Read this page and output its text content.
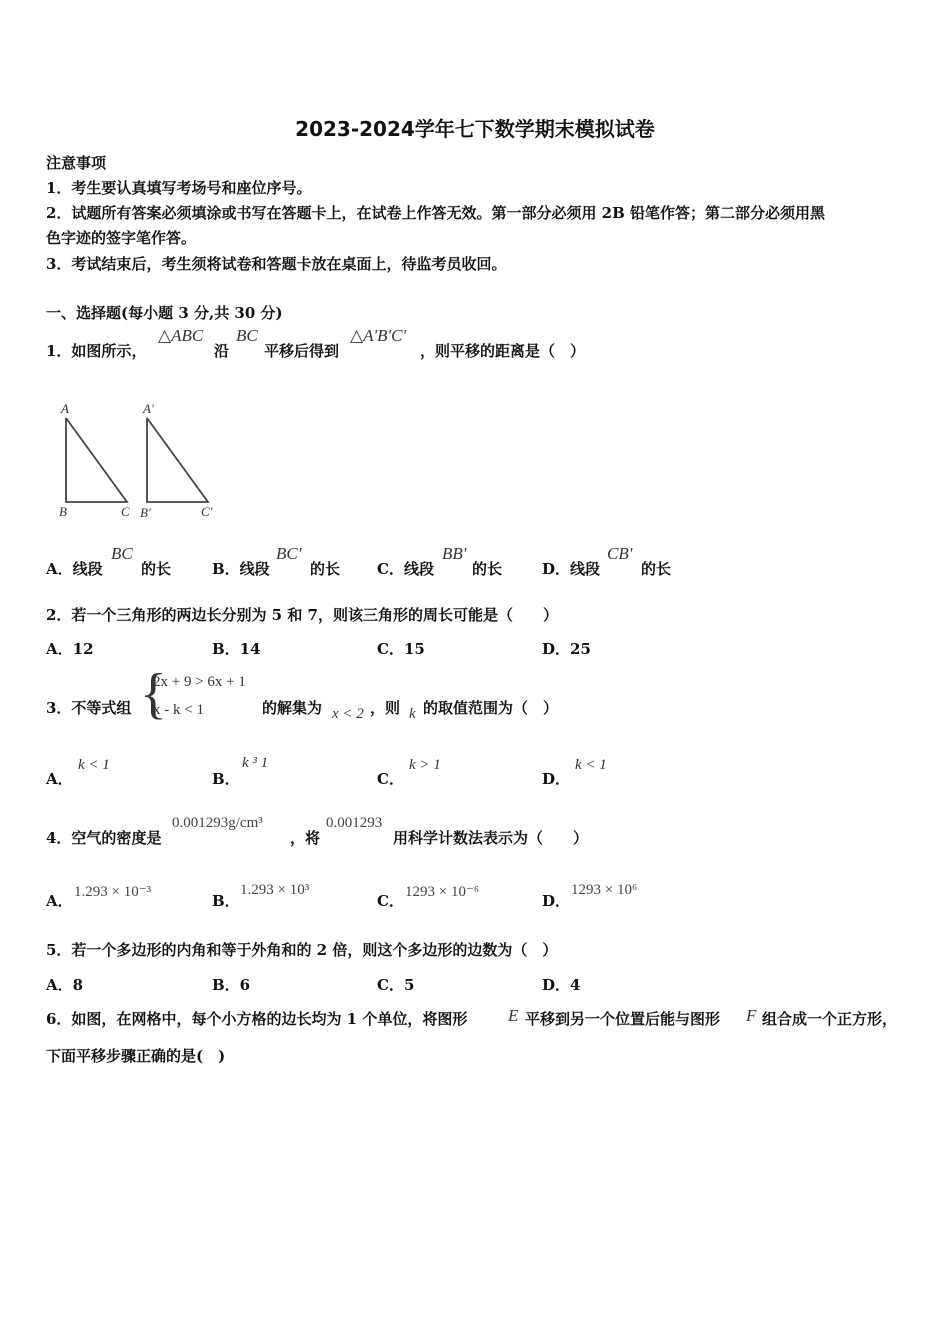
2023-2024学年七下数学期末模拟试卷
注意事项
1．考生要认真填写考场号和座位序号。
2．试题所有答案必须填涂或书写在答题卡上，在试卷上作答无效。第一部分必须用 2B 铅笔作答；第二部分必须用黑
色字迹的签字笔作答。
3．考试结束后，考生须将试卷和答题卡放在桌面上，待监考员收回。
一、选择题(每小题 3 分,共 30 分)
1．如图所示，
△ABC
沿
BC
平移后得到
△A'B'C'
，则平移的距离是（　）
A
B	C
A'
B'	C'
A．线段
BC
的长	B．线段
BC'
的长 C．线段
BB'
的长	D．线段
CB'
的长
2．若一个三角形的两边长分别为 5 和 7，则该三角形的周长可能是（　　）
A．12	B．14	C．15	D．25
3．不等式组 {
2x + 9 > 6x + 1
x - k < 1	的解集为 x < 2 ，则 k 的取值范围为（　）
A．
k < 1
B．
k ³ 1
C．
k > 1
D．
k < 1
4．空气的密度是
0.001293g/cm³
，将
0.001293
用科学计数法表示为（　　）
A． 1.293 × 10⁻³	B．
1.293 × 10³
C． 1293 × 10⁻⁶	D．
1293 × 10⁶
5．若一个多边形的内角和等于外角和的 2 倍，则这个多边形的边数为（　）
A．8	B．6	C．5	D．4
6．如图，在网格中，每个小方格的边长均为 1 个单位，将图形 E 平移到另一个位置后能与图形 F 组合成一个正方形，
下面平移步骤正确的是(　)
